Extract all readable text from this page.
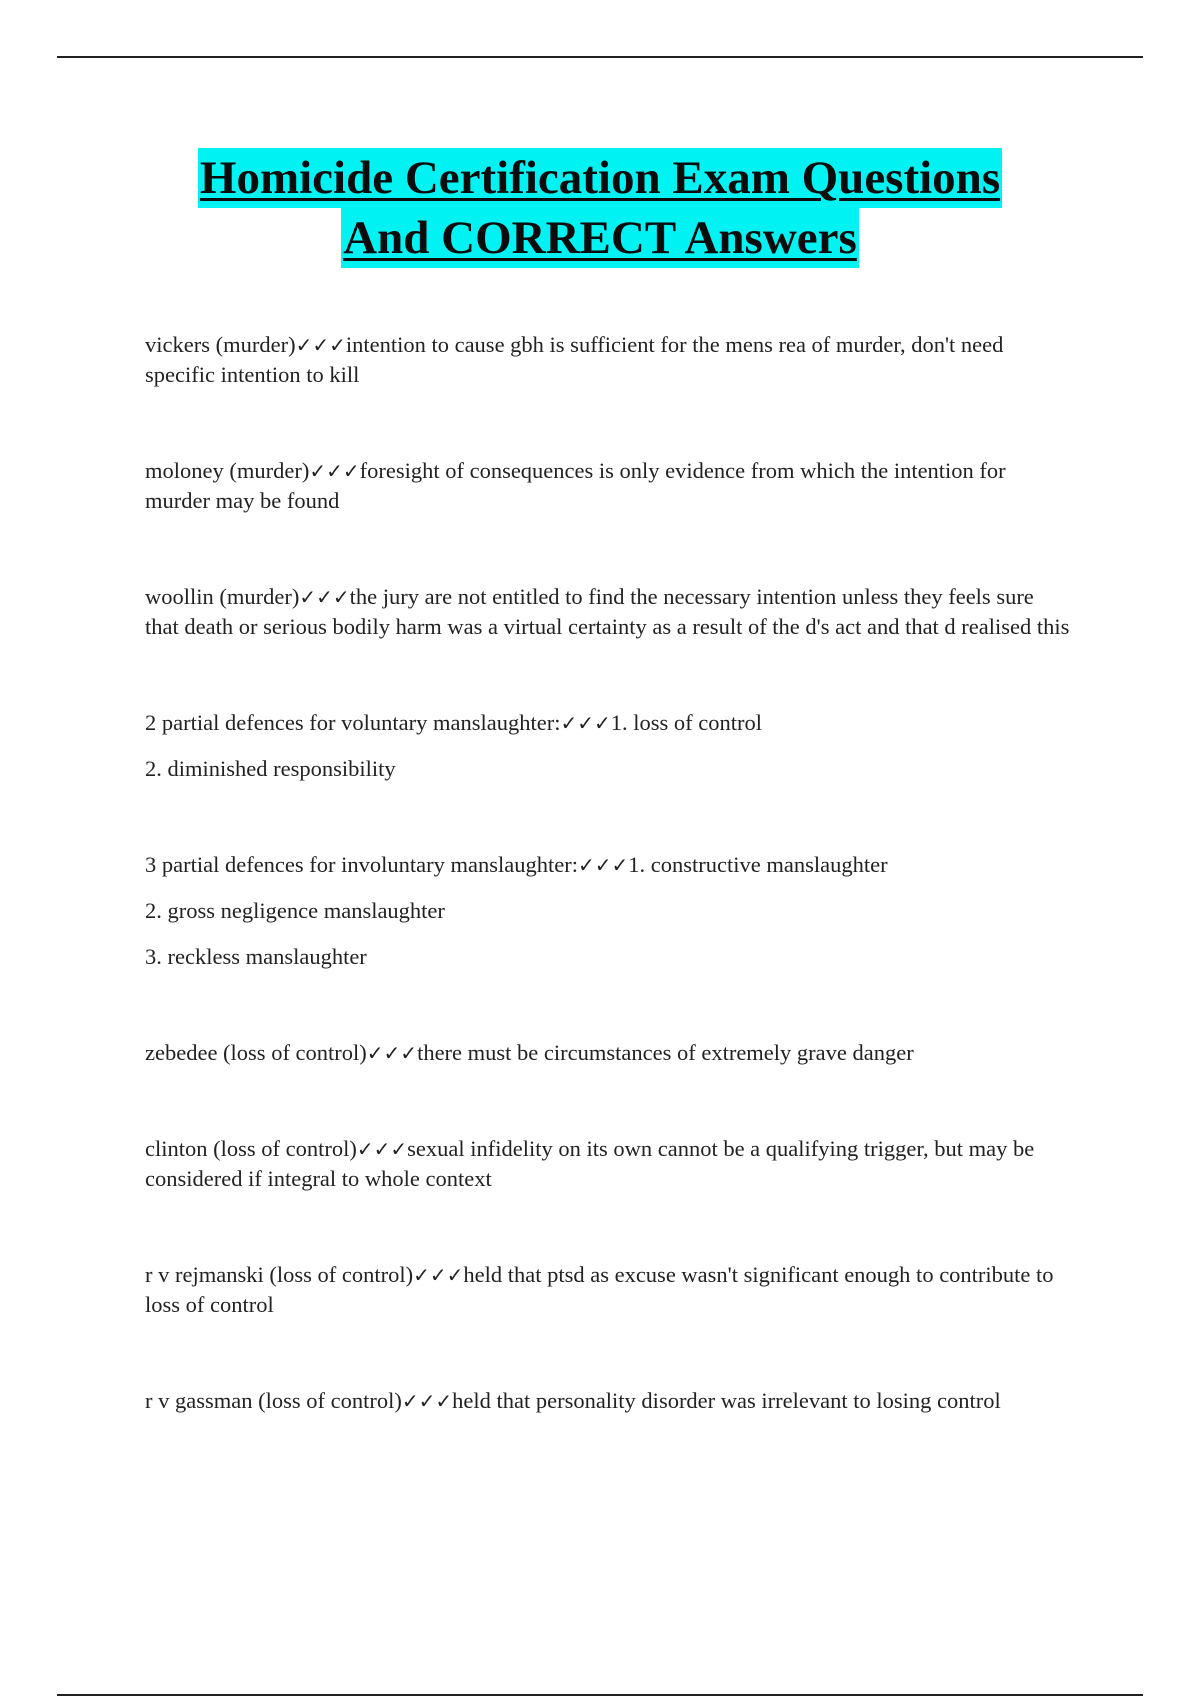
Homicide Certification Exam Questions
And CORRECT Answers

vickers (murder)✓✓✓intention to cause gbh is sufficient for the mens rea of murder, don't need specific intention to kill

moloney (murder)✓✓✓foresight of consequences is only evidence from which the intention for murder may be found

woollin (murder)✓✓✓the jury are not entitled to find the necessary intention unless they feels sure that death or serious bodily harm was a virtual certainty as a result of the d's act and that d realised this

2 partial defences for voluntary manslaughter:✓✓✓1. loss of control

2. diminished responsibility

3 partial defences for involuntary manslaughter:✓✓✓1. constructive manslaughter

2. gross negligence manslaughter

3. reckless manslaughter

zebedee (loss of control)✓✓✓there must be circumstances of extremely grave danger

clinton (loss of control)✓✓✓sexual infidelity on its own cannot be a qualifying trigger, but may be considered if integral to whole context

r v rejmanski (loss of control)✓✓✓held that ptsd as excuse wasn't significant enough to contribute to loss of control

r v gassman (loss of control)✓✓✓held that personality disorder was irrelevant to losing control
